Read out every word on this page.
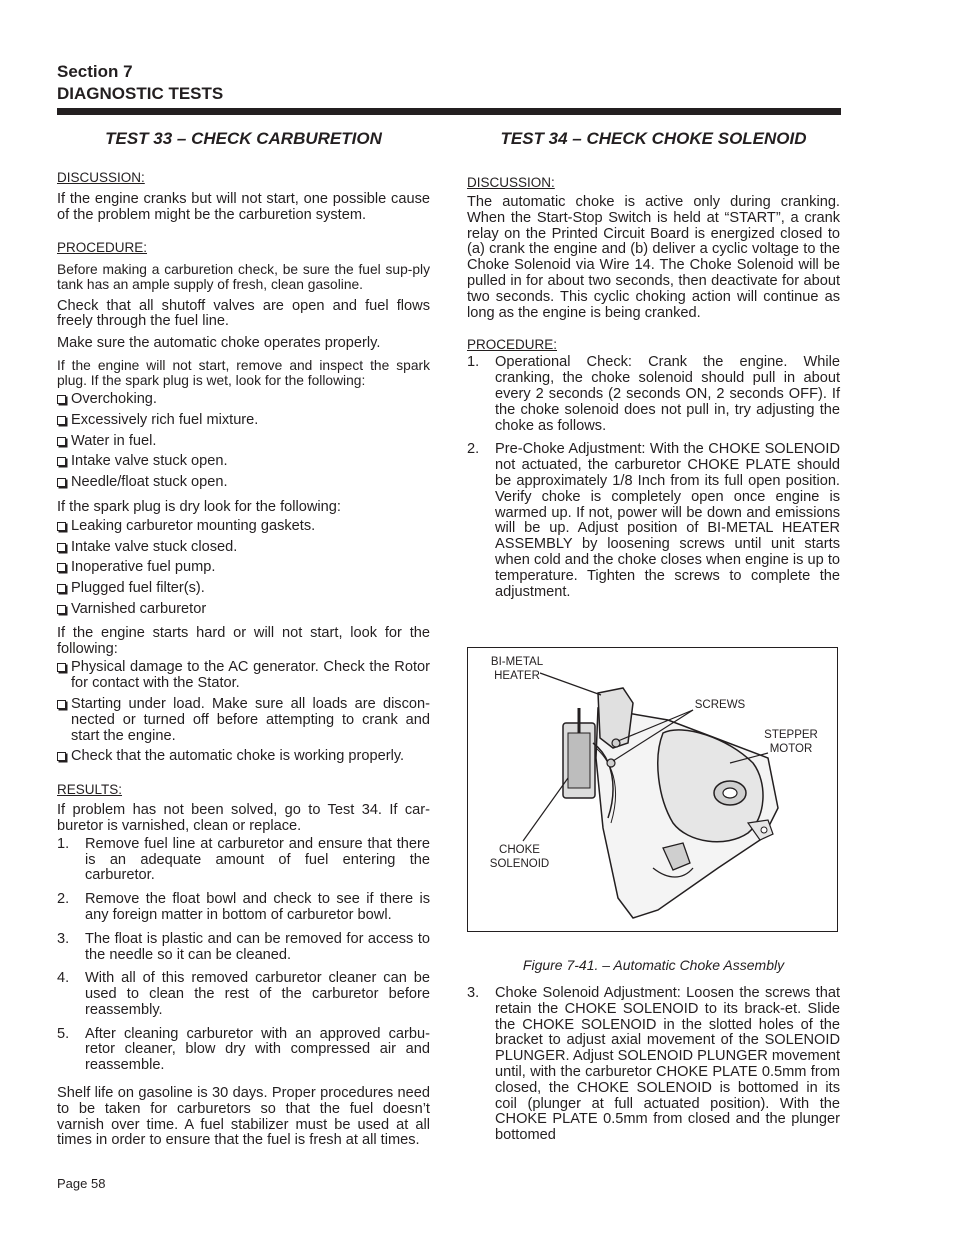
Section 7
DIAGNOSTIC TESTS
TEST 33 – CHECK CARBURETION
DISCUSSION:

If the engine cranks but will not start, one possible cause of the problem might be the carburetion system.

PROCEDURE:

Before making a carburetion check, be sure the fuel sup-ply tank has an ample supply of fresh, clean gasoline.

Check that all shutoff valves are open and fuel flows freely through the fuel line.

Make sure the automatic choke operates properly.

If the engine will not start, remove and inspect the spark plug. If the spark plug is wet, look for the following:

Overchoking.
Excessively rich fuel mixture.
Water in fuel.
Intake valve stuck open.
Needle/float stuck open.

If the spark plug is dry look for the following:

Leaking carburetor mounting gaskets.
Intake valve stuck closed.
Inoperative fuel pump.
Plugged fuel filter(s).
Varnished carburetor

If the engine starts hard or will not start, look for the following:

Physical damage to the AC generator. Check the Rotor for contact with the Stator.

Starting under load. Make sure all loads are discon-nected or turned off before attempting to crank and start the engine.

Check that the automatic choke is working properly.

RESULTS:

If problem has not been solved, go to Test 34. If car-buretor is varnished, clean or replace.

1. Remove fuel line at carburetor and ensure that there is an adequate amount of fuel entering the carburetor.

2. Remove the float bowl and check to see if there is any foreign matter in bottom of carburetor bowl.

3. The float is plastic and can be removed for access to the needle so it can be cleaned.

4. With all of this removed carburetor cleaner can be used to clean the rest of the carburetor before reassembly.

5. After cleaning carburetor with an approved carbu-retor cleaner, blow dry with compressed air and reassemble.

Shelf life on gasoline is 30 days. Proper procedures need to be taken for carburetors so that the fuel doesn’t varnish over time. A fuel stabilizer must be used at all times in order to ensure that the fuel is fresh at all times.

TEST 34 – CHECK CHOKE SOLENOID
DISCUSSION:

The automatic choke is active only during cranking. When the Start-Stop Switch is held at “START”, a crank relay on the Printed Circuit Board is energized closed to (a) crank the engine and (b) deliver a cyclic voltage to the Choke Solenoid via Wire 14. The Choke Solenoid will be pulled in for about two seconds, then deactivate for about two seconds. This cyclic choking action will continue as long as the engine is being cranked.

PROCEDURE:
1. Operational Check: Crank the engine. While cranking, the choke solenoid should pull in about every 2 seconds (2 seconds ON, 2 seconds OFF). If the choke solenoid does not pull in, try adjusting the choke as follows.

2. Pre-Choke Adjustment: With the CHOKE SOLENOID not actuated, the carburetor CHOKE PLATE should be approximately 1/8 Inch from its full open position. Verify choke is completely open once engine is warmed up. If not, power will be down and emissions will be up. Adjust position of BI-METAL HEATER ASSEMBLY by loosening screws until unit starts when cold and the choke closes when engine is up to temperature. Tighten the screws to complete the adjustment.

BI-METAL
HEATER
SCREWS
STEPPER
MOTOR
CHOKE
SOLENOID
Figure 7-41. – Automatic Choke Assembly
3. Choke Solenoid Adjustment: Loosen the screws that retain the CHOKE SOLENOID to its brack-et. Slide the CHOKE SOLENOID in the slotted holes of the bracket to adjust axial movement of the SOLENOID PLUNGER. Adjust SOLENOID PLUNGER movement until, with the carburetor CHOKE PLATE 0.5mm from closed, the CHOKE SOLENOID is bottomed in its coil (plunger at full actuated position). With the CHOKE PLATE 0.5mm from closed and the plunger bottomed

Page 58
